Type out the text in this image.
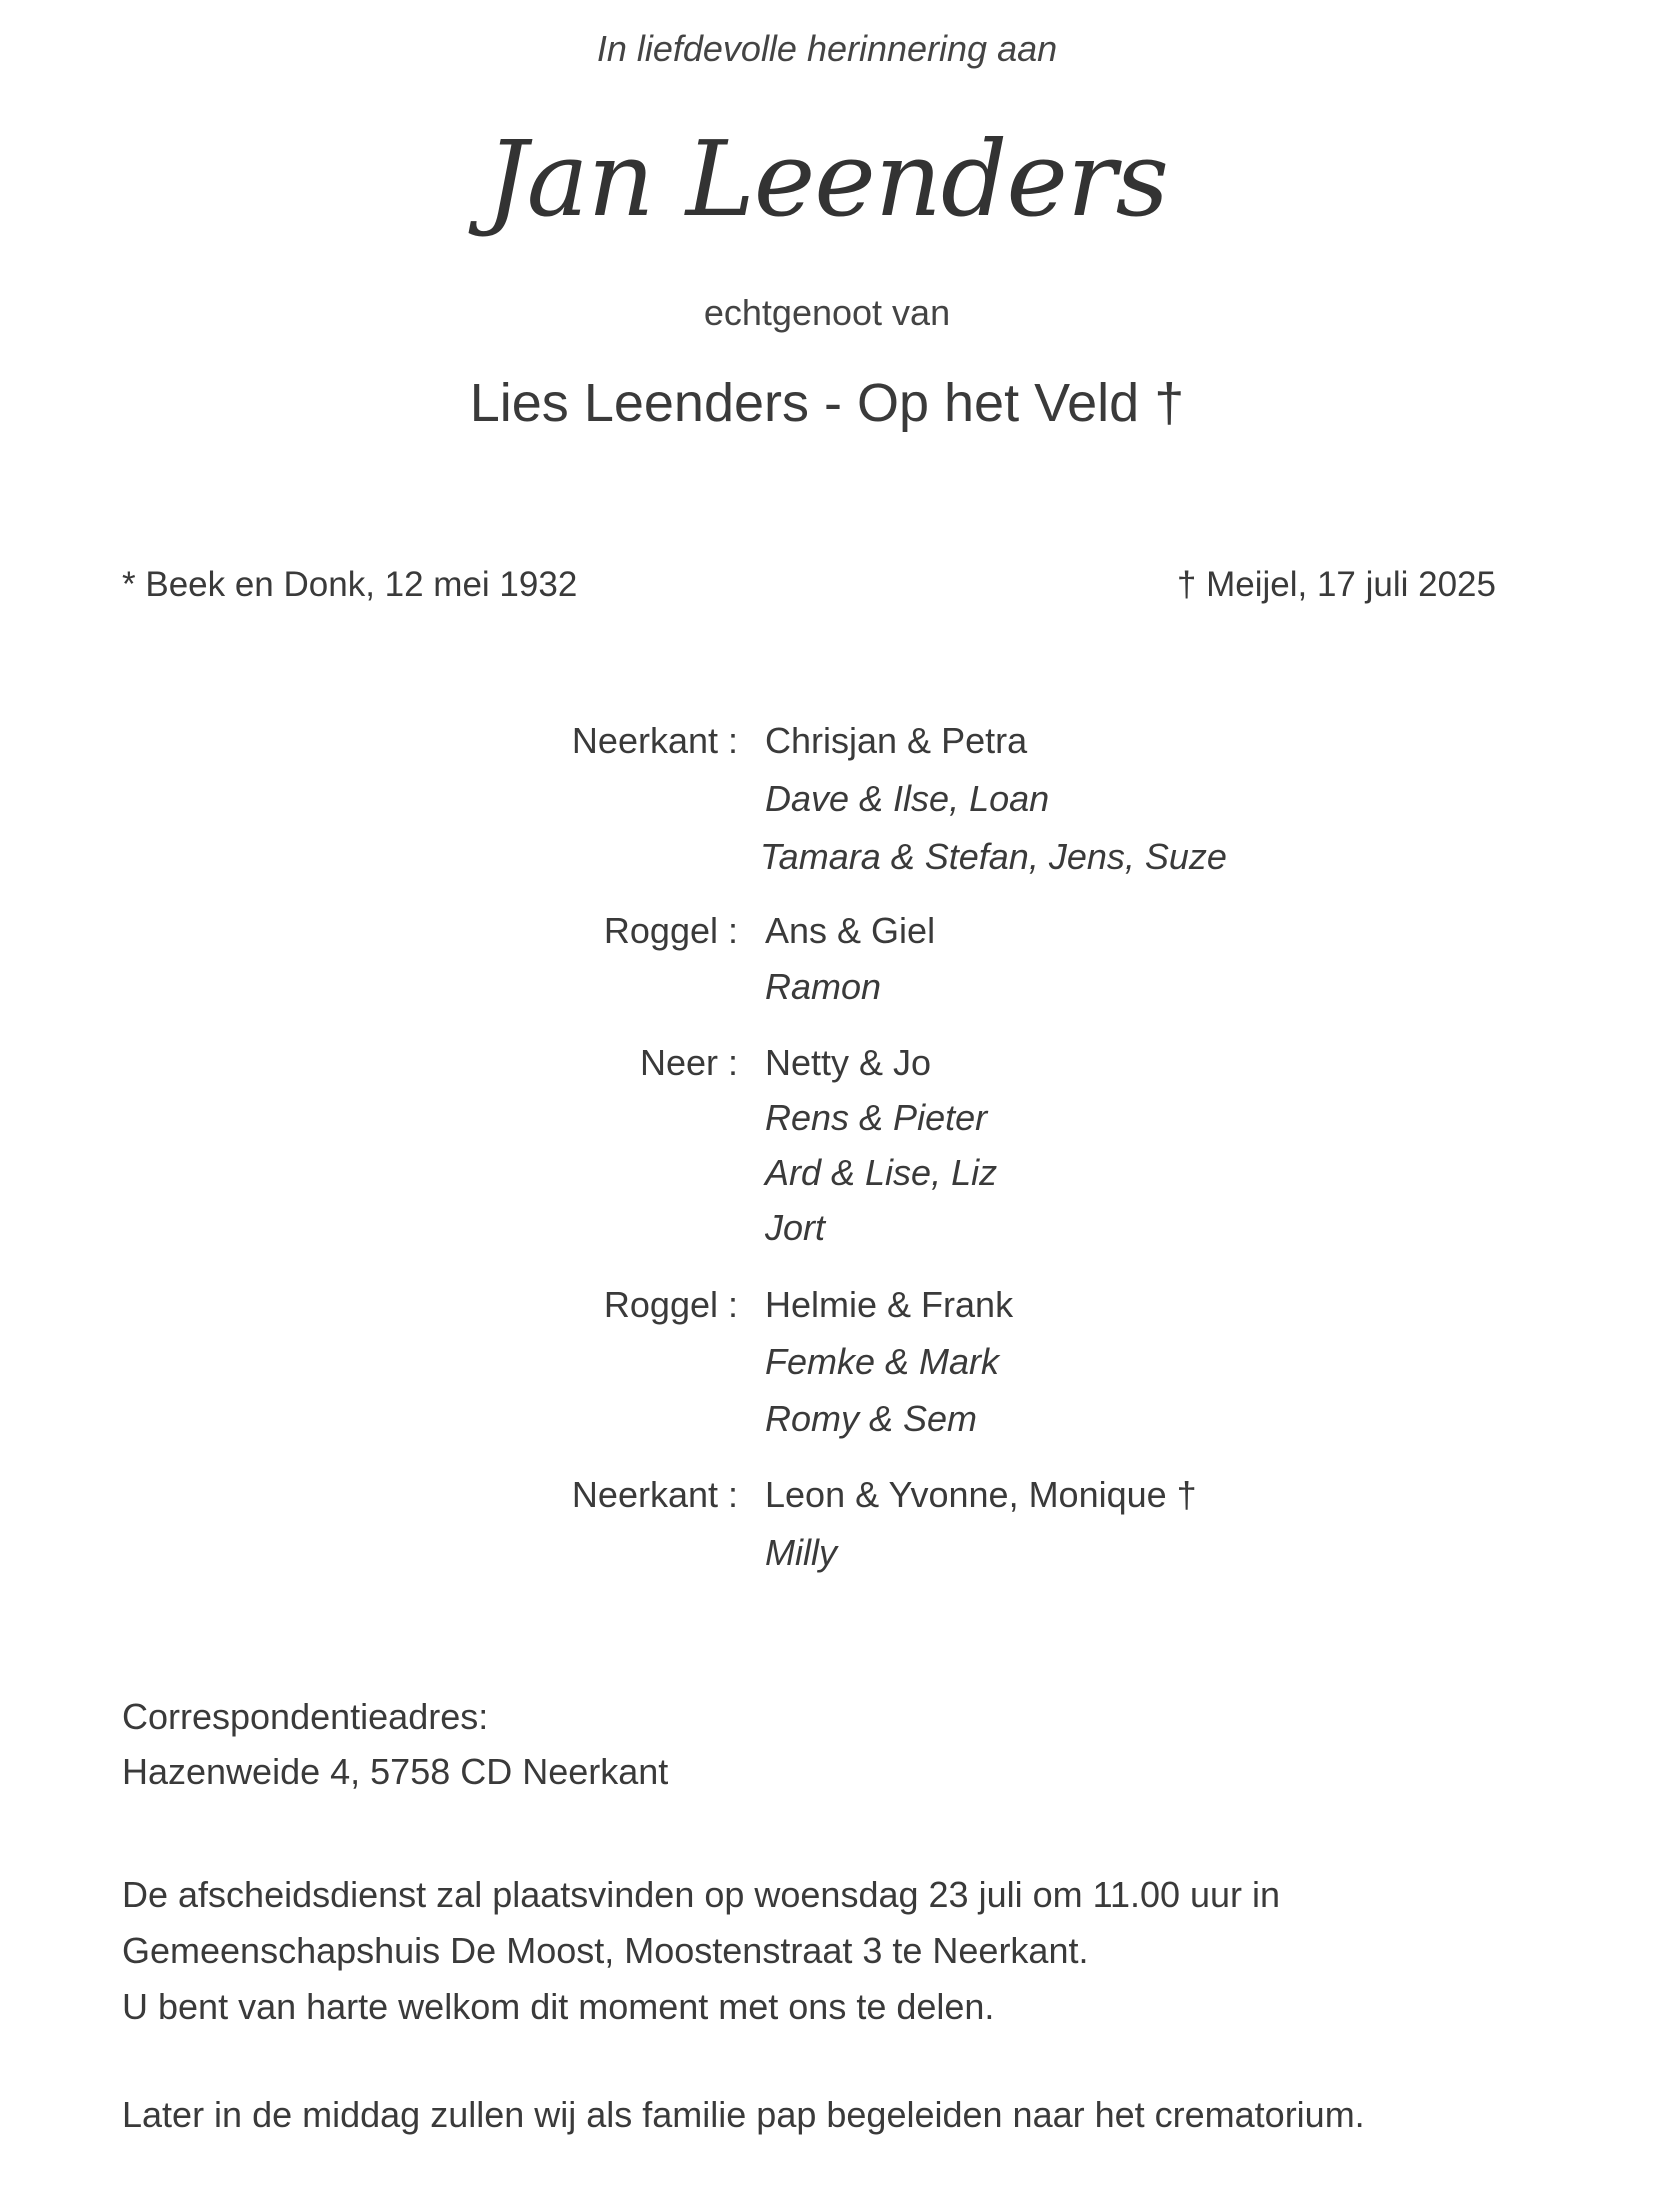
In liefdevolle herinnering aan
Jan Leenders
echtgenoot van
Lies Leenders - Op het Veld †
* Beek en Donk, 12 mei 1932	† Meijel, 17 juli 2025
Neerkant : Chrisjan & Petra
Dave & Ilse, Loan
Tamara & Stefan, Jens, Suze
Roggel : Ans & Giel
Ramon
Neer : Netty & Jo
Rens & Pieter
Ard & Lise, Liz
Jort
Roggel : Helmie & Frank
Femke & Mark
Romy & Sem
Neerkant : Leon & Yvonne, Monique †
Milly
Correspondentieadres:
Hazenweide 4, 5758 CD Neerkant
De afscheidsdienst zal plaatsvinden op woensdag 23 juli om 11.00 uur in
Gemeenschapshuis De Moost, Moostenstraat 3 te Neerkant.
U bent van harte welkom dit moment met ons te delen.
Later in de middag zullen wij als familie pap begeleiden naar het crematorium.
